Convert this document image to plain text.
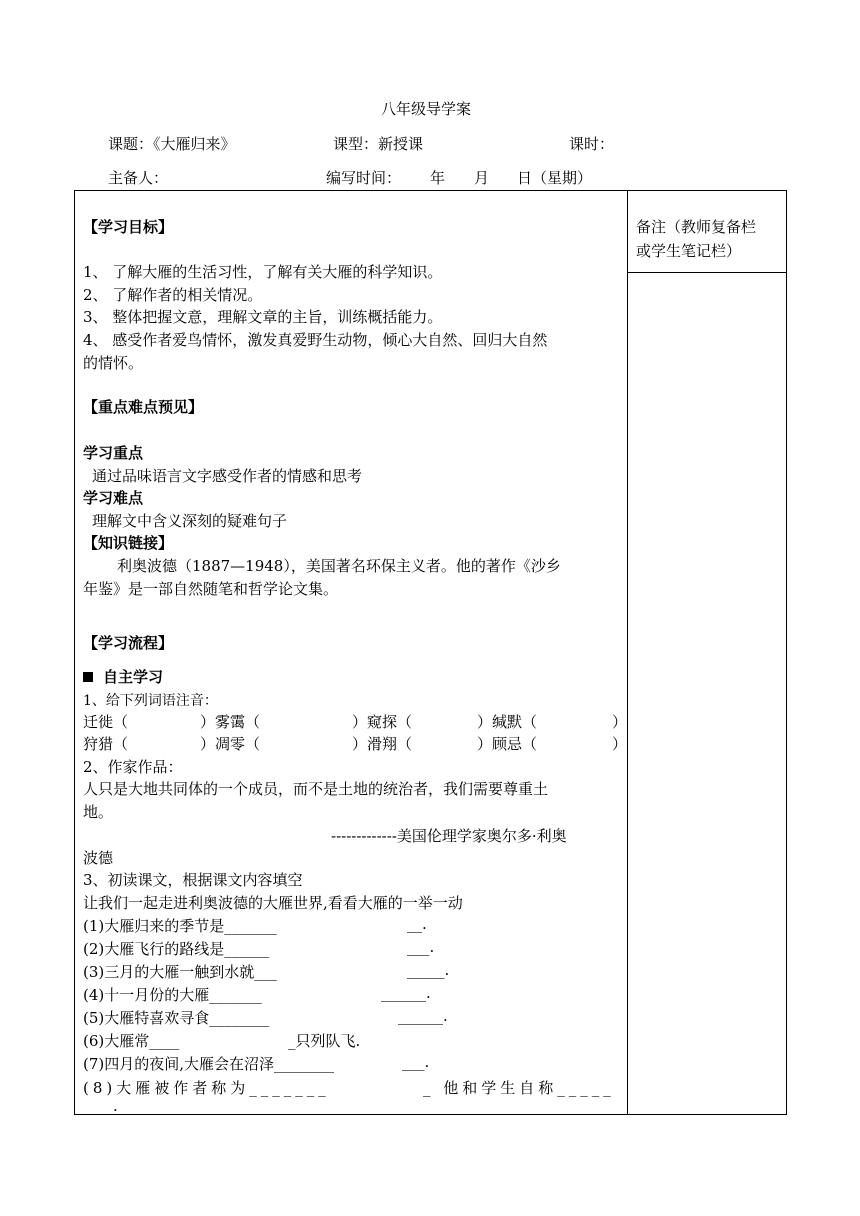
八年级导学案
课题：《大雁归来》	课型：新授课	课时：
主备人：	编写时间： 年 月 日（星期）
备注（教师复备栏
或学生笔记栏）
【学习目标】
1、 了解大雁的生活习性，了解有关大雁的科学知识。
2、 了解作者的相关情况。
3、 整体把握文意，理解文章的主旨，训练概括能力。
4、 感受作者爱鸟情怀，激发真爱野生动物，倾心大自然、回归大自然
的情怀。
【重点难点预见】
学习重点
通过品味语言文字感受作者的情感和思考
学习难点
理解文中含义深刻的疑难句子
【知识链接】
利奥波德（1887—1948），美国著名环保主义者。他的著作《沙乡
年鉴》是一部自然随笔和哲学论文集。
【学习流程】
自主学习
1、给下列词语注音：
迁徙（	）雾霭（	）窥探（	）缄默（	）
狩猎（	）凋零（	）滑翔（	）顾忌（	）
2、作家作品：
人只是大地共同体的一个成员，而不是土地的统治者，我们需要尊重土
地。
-------------美国伦理学家奥尔多·利奥
波德
3、初读课文，根据课文内容填空
让我们一起走进利奥波德的大雁世界,看看大雁的一举一动
(1)大雁归来的季节是_______	__.
(2)大雁飞行的路线是______	___.
(3)三月的大雁一触到水就___	_____.
(4)十一月份的大雁_______	______.
(5)大雁特喜欢寻食________	______.
(6)大雁常____	_只列队飞.
(7)四月的夜间,大雁会在沼泽________	___.
(8)大雁被作者称为_______	_ 他和学生自称_____
____.
